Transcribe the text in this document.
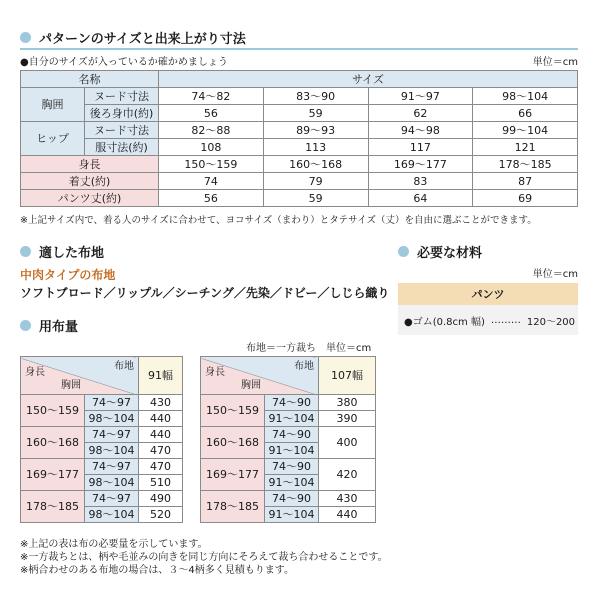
パターンのサイズと出来上がり寸法
●自分のサイズが入っているか確かめましょう	単位＝cm
名称		サイズ			
胸囲	ヌード寸法	74〜82	83〜90	91〜97	98〜104
	後ろ身巾(約)	56	59	62	66
ヒップ	ヌード寸法	82〜88	89〜93	94〜98	99〜104
	服寸法(約)	108	113	117	121
身長		150〜159	160〜168	169〜177	178〜185
着丈(約)		74	79	83	87
パンツ丈(約)		56	59	64	69
※上記サイズ内で、着る人のサイズに合わせて、ヨコサイズ（まわり）とタテサイズ（丈）を自由に選ぶことができます。
適した布地
中肉タイプの布地
ソフトブロード／リップル／シーチング／先染／ドビー／しじら織り
必要な材料
単位＝cm
パンツ
●ゴム(0.8cm 幅) ……… 120〜200
用布量
布地＝一方裁ち　単位＝cm
布地
身長
胸囲		91幅
150〜159	74〜97	430
	98〜104	440
160〜168	74〜97	440
	98〜104	470
169〜177	74〜97	470
	98〜104	510
178〜185	74〜97	490
	98〜104	520
布地
身長
胸囲		107幅
150〜159	74〜90	380
	91〜104	390
160〜168	74〜90	400
	91〜104	
169〜177	74〜90	420
	91〜104	
178〜185	74〜90	430
	91〜104	440
※上記の表は布の必要量を示しています。
※一方裁ちとは、柄や毛並みの向きを同じ方向にそろえて裁ち合わせることです。
※柄合わせのある布地の場合は、３〜4柄多く見積もります。
